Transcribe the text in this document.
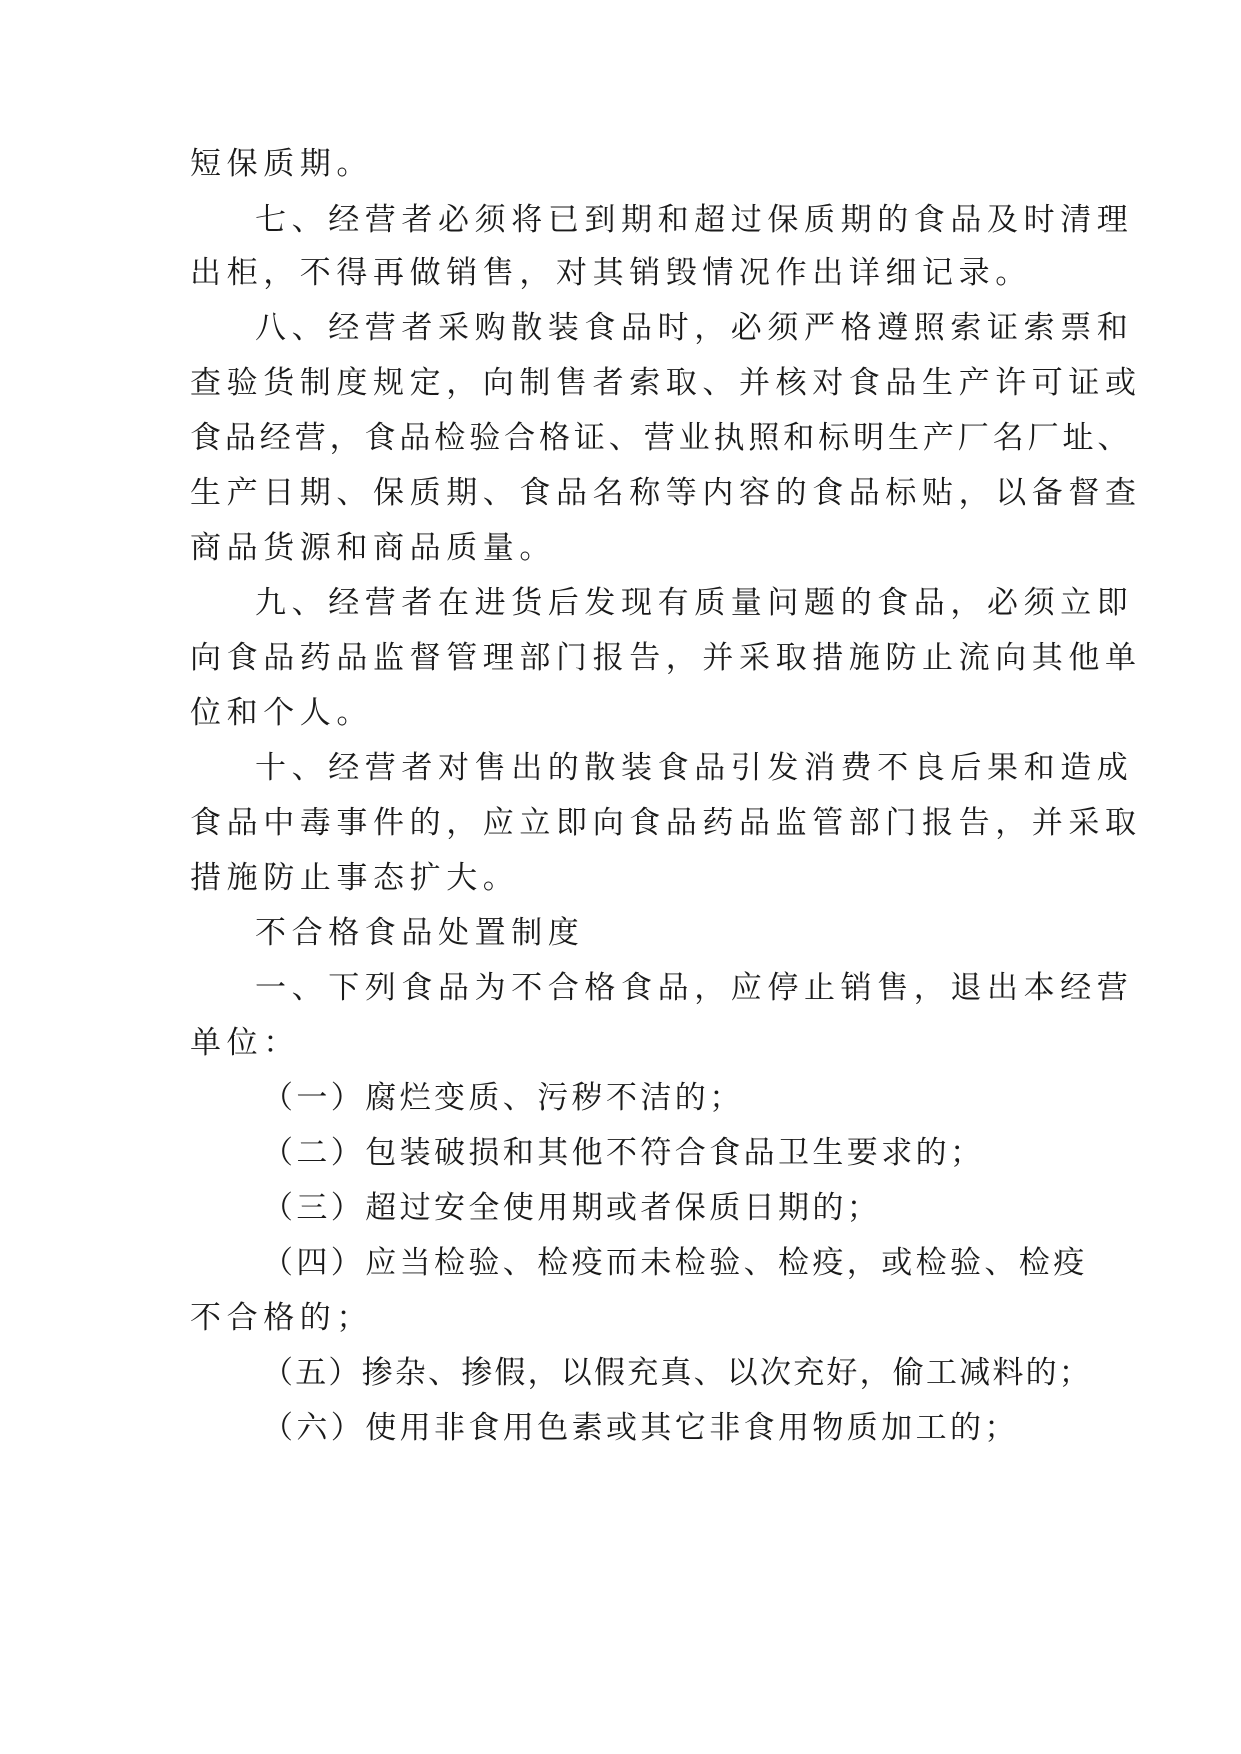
短保质期。
七、经营者必须将已到期和超过保质期的食品及时清理
出柜，不得再做销售，对其销毁情况作出详细记录。
八、经营者采购散装食品时，必须严格遵照索证索票和
查验货制度规定，向制售者索取、并核对食品生产许可证或
食品经营，食品检验合格证、营业执照和标明生产厂名厂址、
生产日期、保质期、食品名称等内容的食品标贴，以备督查
商品货源和商品质量。
九、经营者在进货后发现有质量问题的食品，必须立即
向食品药品监督管理部门报告，并采取措施防止流向其他单
位和个人。
十、经营者对售出的散装食品引发消费不良后果和造成
食品中毒事件的，应立即向食品药品监管部门报告，并采取
措施防止事态扩大。
不合格食品处置制度
一、下列食品为不合格食品，应停止销售，退出本经营
单位：
（一）腐烂变质、污秽不洁的；
（二）包装破损和其他不符合食品卫生要求的；
（三）超过安全使用期或者保质日期的；
（四）应当检验、检疫而未检验、检疫，或检验、检疫
不合格的；
（五）掺杂、掺假，以假充真、以次充好，偷工减料的；
（六）使用非食用色素或其它非食用物质加工的；
